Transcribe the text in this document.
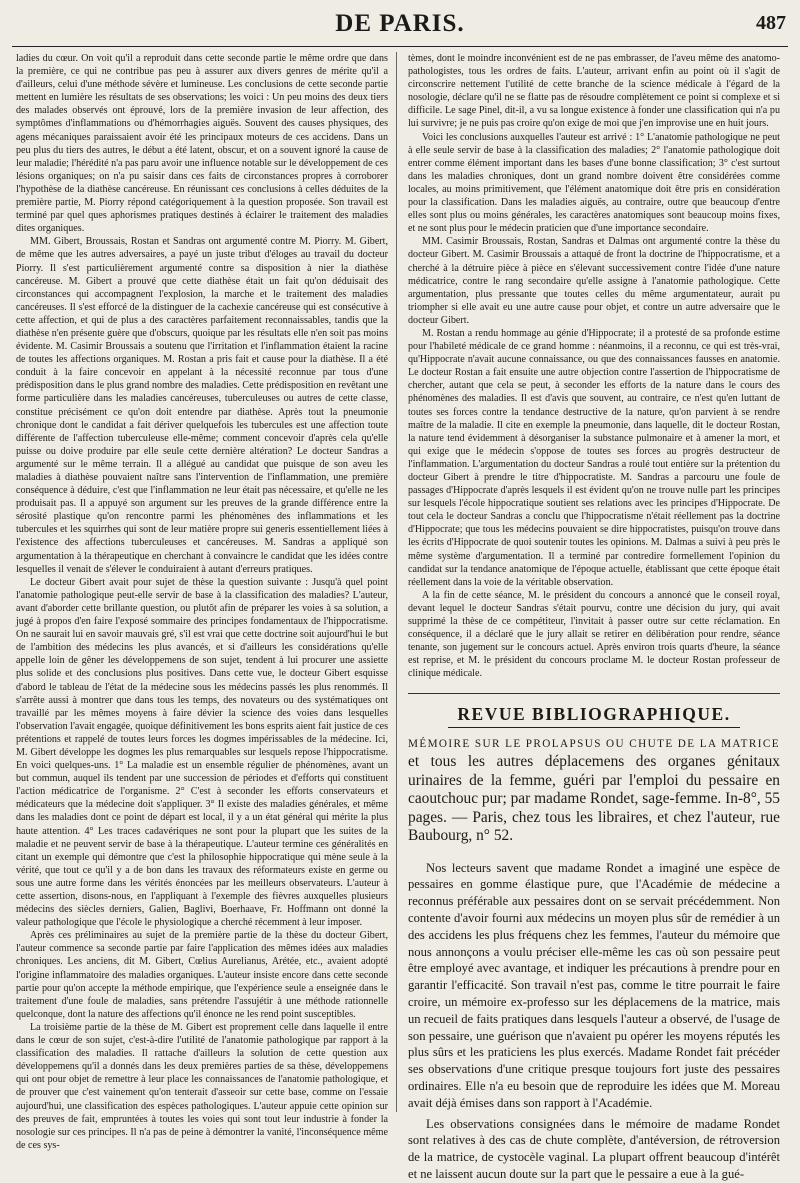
DE PARIS.	487

ladies du cœur. On voit qu'il a reproduit dans cette seconde partie le même ordre que dans la première, ce qui ne contribue pas peu à assurer aux divers genres de mérite qu'il a d'ailleurs, celui d'une méthode sévère et lumineuse. Les conclusions de cette seconde partie mettent en lumière les résultats de ses observations; les voici : Un peu moins des deux tiers des malades observés ont éprouvé, lors de la première invasion de leur affection, des symptômes d'inflammations ou d'hémorrhagies aiguës. Souvent des causes physiques, des agens mécaniques paraissaient avoir été les principaux moteurs de ces accidens. Dans un peu plus du tiers des autres, le début a été latent, obscur, et on a souvent ignoré la cause de leur maladie; l'hérédité n'a pas paru avoir une influence notable sur le développement de ces lésions organiques; on n'a pu saisir dans ces faits de circonstances propres à corroborer l'hypothèse de la diathèse cancéreuse. En réunissant ces conclusions à celles déduites de la première partie, M. Piorry répond catégoriquement à la question proposée. Son travail est terminé par quel ques aphorismes pratiques destinés à éclairer le traitement des maladies dites organiques.

MM. Gibert, Broussais, Rostan et Sandras ont argumenté contre M. Piorry. M. Gibert, de même que les autres adversaires, a payé un juste tribut d'éloges au travail du docteur Piorry. Il s'est particulièrement argumenté contre sa disposition à nier la diathèse cancéreuse. M. Gibert a prouvé que cette diathèse était un fait qu'on déduisait des circonstances qui accompagnent l'explosion, la marche et le traitement des maladies cancéreuses. Il s'est efforcé de la distinguer de la cachexie cancéreuse qui est consécutive à cette affection, et qui de plus a des caractères parfaitement reconnaissables, tandis que la diathèse n'en présente guère que d'obscurs, quoique par les résultats elle n'en soit pas moins évidente. M. Casimir Broussais a soutenu que l'irritation et l'inflammation étaient la racine de toutes les affections organiques. M. Rostan a pris fait et cause pour la diathèse. Il a été conduit à la faire concevoir en appelant à la nécessité reconnue par tous d'une prédisposition dans le plus grand nombre des maladies. Cette prédisposition en revêtant une forme particulière dans les maladies cancéreuses, tuberculeuses ou autres de cette classe, constitue précisément ce qu'on doit entendre par diathèse. Après tout la pneumonie chronique dont le candidat a fait dériver quelquefois les tubercules est une affection toute différente de l'affection tuberculeuse elle-même; comment concevoir d'après cela qu'elle puisse ou doive produire par elle seule cette dernière altération? Le docteur Sandras a argumenté sur le même terrain. Il a allégué au candidat que puisque de son aveu les maladies à diathèse pouvaient naître sans l'intervention de l'inflammation, une première conséquence à déduire, c'est que l'inflammation ne leur était pas nécessaire, et qu'elle ne les produisait pas. Il a appuyé son argument sur les preuves de la grande différence entre la sérosité plastique qu'on rencontre parmi les phénomènes des inflammations et les tubercules et les squirrhes qui sont de leur matière propre sui generis essentiellement liées à l'existence des affections tuberculeuses et cancéreuses. M. Sandras a appliqué son argumentation à la thérapeutique en cherchant à convaincre le candidat que les idées contre lesquelles il venait de s'élever le conduiraient à autant d'erreurs pratiques.

Le docteur Gibert avait pour sujet de thèse la question suivante : Jusqu'à quel point l'anatomie pathologique peut-elle servir de base à la classification des maladies? L'auteur, avant d'aborder cette brillante question, ou plutôt afin de préparer les voies à sa solution, a jugé à propos d'en faire l'exposé sommaire des principes fondamentaux de l'hippocratisme. On ne saurait lui en savoir mauvais gré, s'il est vrai que cette doctrine soit aujourd'hui le but de l'ambition des médecins les plus avancés, et si d'ailleurs les considérations qu'elle appelle loin de gêner les développemens de son sujet, tendent à lui procurer une assiette plus solide et des conclusions plus positives. Dans cette vue, le docteur Gibert esquisse d'abord le tableau de l'état de la médecine sous les médecins passés les plus renommés. Il s'arrête aussi à montrer que dans tous les temps, des novateurs ou des systématiques ont travaillé par les mêmes moyens à faire dévier la science des voies dans lesquelles l'observation l'avait engagée, quoique définitivement les bons esprits aient fait justice de ces prétentions et rappelé de toutes leurs forces les dogmes impérissables de la médecine. Ici, M. Gibert développe les dogmes les plus remarquables sur lesquels repose l'hippocratisme. En voici quelques-uns. 1° La maladie est un ensemble régulier de phénomènes, avant un but commun, auquel ils tendent par une succession de périodes et d'efforts qui constituent l'action médicatrice de l'organisme. 2° C'est à seconder les efforts conservateurs et médicateurs que la médecine doit s'appliquer. 3° Il existe des maladies générales, et même dans les maladies dont ce point de départ est local, il y a un état général qui mérite la plus haute attention. 4° Les traces cadavériques ne sont pour la plupart que les suites de la maladie et ne peuvent servir de base à la thérapeutique. L'auteur termine ces généralités en citant un exemple qui démontre que c'est la philosophie hippocratique qui mène seule à la vérité, que tout ce qu'il y a de bon dans les travaux des réformateurs existe en germe ou sous une autre forme dans les vérités énoncées par les meilleurs observateurs. L'auteur à cette assertion, disons-nous, en l'appliquant à l'exemple des fièvres auxquelles plusieurs médecins des siècles derniers, Galien, Baglivi, Boerhaave, Fr. Hoffmann ont donné la valeur pathologique que l'école le physiologique a cherché récemment à leur imposer.

Après ces préliminaires au sujet de la première partie de la thèse du docteur Gibert, l'auteur commence sa seconde partie par faire l'application des mêmes idées aux maladies chroniques. Les anciens, dit M. Gibert, Cœlius Aurelianus, Arétée, etc., avaient adopté l'origine inflammatoire des maladies organiques. L'auteur insiste encore dans cette seconde partie pour qu'on accepte la méthode empirique, que l'expérience seule a enseignée dans le traitement d'une foule de maladies, sans prétendre l'assujétir à une méthode rationnelle quelconque, dont la nature des affections qu'il énonce ne les rend point susceptibles.

La troisième partie de la thèse de M. Gibert est proprement celle dans laquelle il entre dans le cœur de son sujet, c'est-à-dire l'utilité de l'anatomie pathologique par rapport à la classification des maladies. Il rattache d'ailleurs la solution de cette question aux développemens qu'il a donnés dans les deux premières parties de sa thèse, développemens qui ont pour objet de remettre à leur place les connaissances de l'anatomie pathologique, et de prouver que c'est vainement qu'on tenterait d'asseoir sur cette base, comme on l'essaie aujourd'hui, une classification des espèces pathologiques. L'auteur appuie cette opinion sur des preuves de fait, empruntées à toutes les voies qui sont tout leur industrie à fonder la nosologie sur ces principes. Il n'a pas de peine à démontrer la vanité, l'inconséquence même de ces sys-

tèmes, dont le moindre inconvénient est de ne pas embrasser, de l'aveu même des anatomo-pathologistes, tous les ordres de faits. L'auteur, arrivant enfin au point où il s'agit de circonscrire nettement l'utilité de cette branche de la science médicale à l'égard de la nosologie, déclare qu'il ne se flatte pas de résoudre complètement ce point si complexe et si difficile. Le sage Pinel, dit-il, a vu sa longue existence à fonder une classification qui n'a pu lui survivre; je ne puis pas croire qu'on exige de moi que j'en improvise une en huit jours.

Voici les conclusions auxquelles l'auteur est arrivé : 1° L'anatomie pathologique ne peut à elle seule servir de base à la classification des maladies; 2° l'anatomie pathologique doit entrer comme élément important dans les bases d'une bonne classification; 3° c'est surtout dans les maladies chroniques, dont un grand nombre doivent être considérées comme locales, au moins primitivement, que l'élément anatomique doit être pris en considération pour la classification. Dans les maladies aiguës, au contraire, outre que beaucoup d'entre elles sont plus ou moins générales, les caractères anatomiques sont beaucoup moins fixes, et ne sont plus pour le médecin praticien que d'une importance secondaire.

MM. Casimir Broussais, Rostan, Sandras et Dalmas ont argumenté contre la thèse du docteur Gibert. M. Casimir Broussais a attaqué de front la doctrine de l'hippocratisme, et a cherché à la détruire pièce à pièce en s'élevant successivement contre l'idée d'une nature médicatrice, contre le rang secondaire qu'elle assigne à l'anatomie pathologique. Cette argumentation, plus pressante que toutes celles du même argumentateur, aurait pu triompher si elle avait eu une autre cause pour objet, et contre un autre adversaire que le docteur Gibert.

M. Rostan a rendu hommage au génie d'Hippocrate; il a protesté de sa profonde estime pour l'habileté médicale de ce grand homme : néanmoins, il a reconnu, ce qui est très-vrai, qu'Hippocrate n'avait aucune connaissance, ou que des connaissances fausses en anatomie. Le docteur Rostan a fait ensuite une autre objection contre l'assertion de l'hippocratisme de chercher, autant que cela se peut, à seconder les efforts de la nature dans le cours des phénomènes des maladies. Il est d'avis que souvent, au contraire, ce n'est qu'en luttant de toutes ses forces contre la tendance destructive de la nature, qu'on parvient à se rendre maître de la maladie. Il cite en exemple la pneumonie, dans laquelle, dit le docteur Rostan, la nature tend évidemment à désorganiser la substance pulmonaire et à amener la mort, et qui exige que le médecin s'oppose de toutes ses forces au progrès destructeur de l'inflammation. L'argumentation du docteur Sandras a roulé tout entière sur la prétention du docteur Gibert à prendre le titre d'hippocratiste. M. Sandras a parcouru une foule de passages d'Hippocrate d'après lesquels il est évident qu'on ne trouve nulle part les principes sur lesquels l'école hippocratique soutient ses relations avec les principes d'Hippocrate. De tout cela le docteur Sandras a conclu que l'hippocratisme n'était réellement pas la doctrine d'Hippocrate; que tous les médecins pouvaient se dire hippocratistes, puisqu'on trouve dans les écrits d'Hippocrate de quoi soutenir toutes les opinions. M. Dalmas a suivi à peu près le même système d'argumentation. Il a terminé par contredire formellement l'opinion du candidat sur la tendance anatomique de l'époque actuelle, établissant que cette époque était réellement dans la voie de la véritable observation.

A la fin de cette séance, M. le président du concours a annoncé que le conseil royal, devant lequel le docteur Sandras s'était pourvu, contre une décision du jury, qui avait supprimé la thèse de ce compétiteur, l'invitait à passer outre sur cette réclamation. En conséquence, il a déclaré que le jury allait se retirer en délibération pour rendre, séance tenante, son jugement sur le concours actuel. Après environ trois quarts d'heure, la séance est reprise, et M. le président du concours proclame M. le docteur Rostan professeur de clinique médicale.

REVUE BIBLIOGRAPHIQUE.
MÉMOIRE SUR LE PROLAPSUS OU CHUTE DE LA MATRICE et tous les autres déplacemens des organes génitaux urinaires de la femme, guéri par l'emploi du pessaire en caoutchouc pur; par madame Rondet, sage-femme. In-8°, 55 pages. — Paris, chez tous les libraires, et chez l'auteur, rue Baubourg, n° 52.

Nos lecteurs savent que madame Rondet a imaginé une espèce de pessaires en gomme élastique pure, que l'Académie de médecine a reconnus préférable aux pessaires dont on se servait précédemment. Non contente d'avoir fourni aux médecins un moyen plus sûr de remédier à un des accidens les plus fréquens chez les femmes, l'auteur du mémoire que nous annonçons a voulu préciser elle-même les cas où son pessaire peut être employé avec avantage, et indiquer les précautions à prendre pour en garantir l'efficacité. Son travail n'est pas, comme le titre pourrait le faire croire, un mémoire ex-professo sur les déplacemens de la matrice, mais un recueil de faits pratiques dans lesquels l'auteur a observé, de l'usage de son pessaire, une guérison que n'avaient pu opérer les moyens réputés les plus sûrs et les praticiens les plus exercés. Madame Rondet fait précéder ses observations d'une critique presque toujours fort juste des pessaires ordinaires. Elle n'a eu besoin que de reproduire les idées que M. Moreau avait déjà émises dans son rapport à l'Académie.

Les observations consignées dans le mémoire de madame Rondet sont relatives à des cas de chute complète, d'antéversion, de rétroversion de la matrice, de cystocèle vaginal. La plupart offrent beaucoup d'intérêt et ne laissent aucun doute sur la part que le pessaire a eue à la gué-
